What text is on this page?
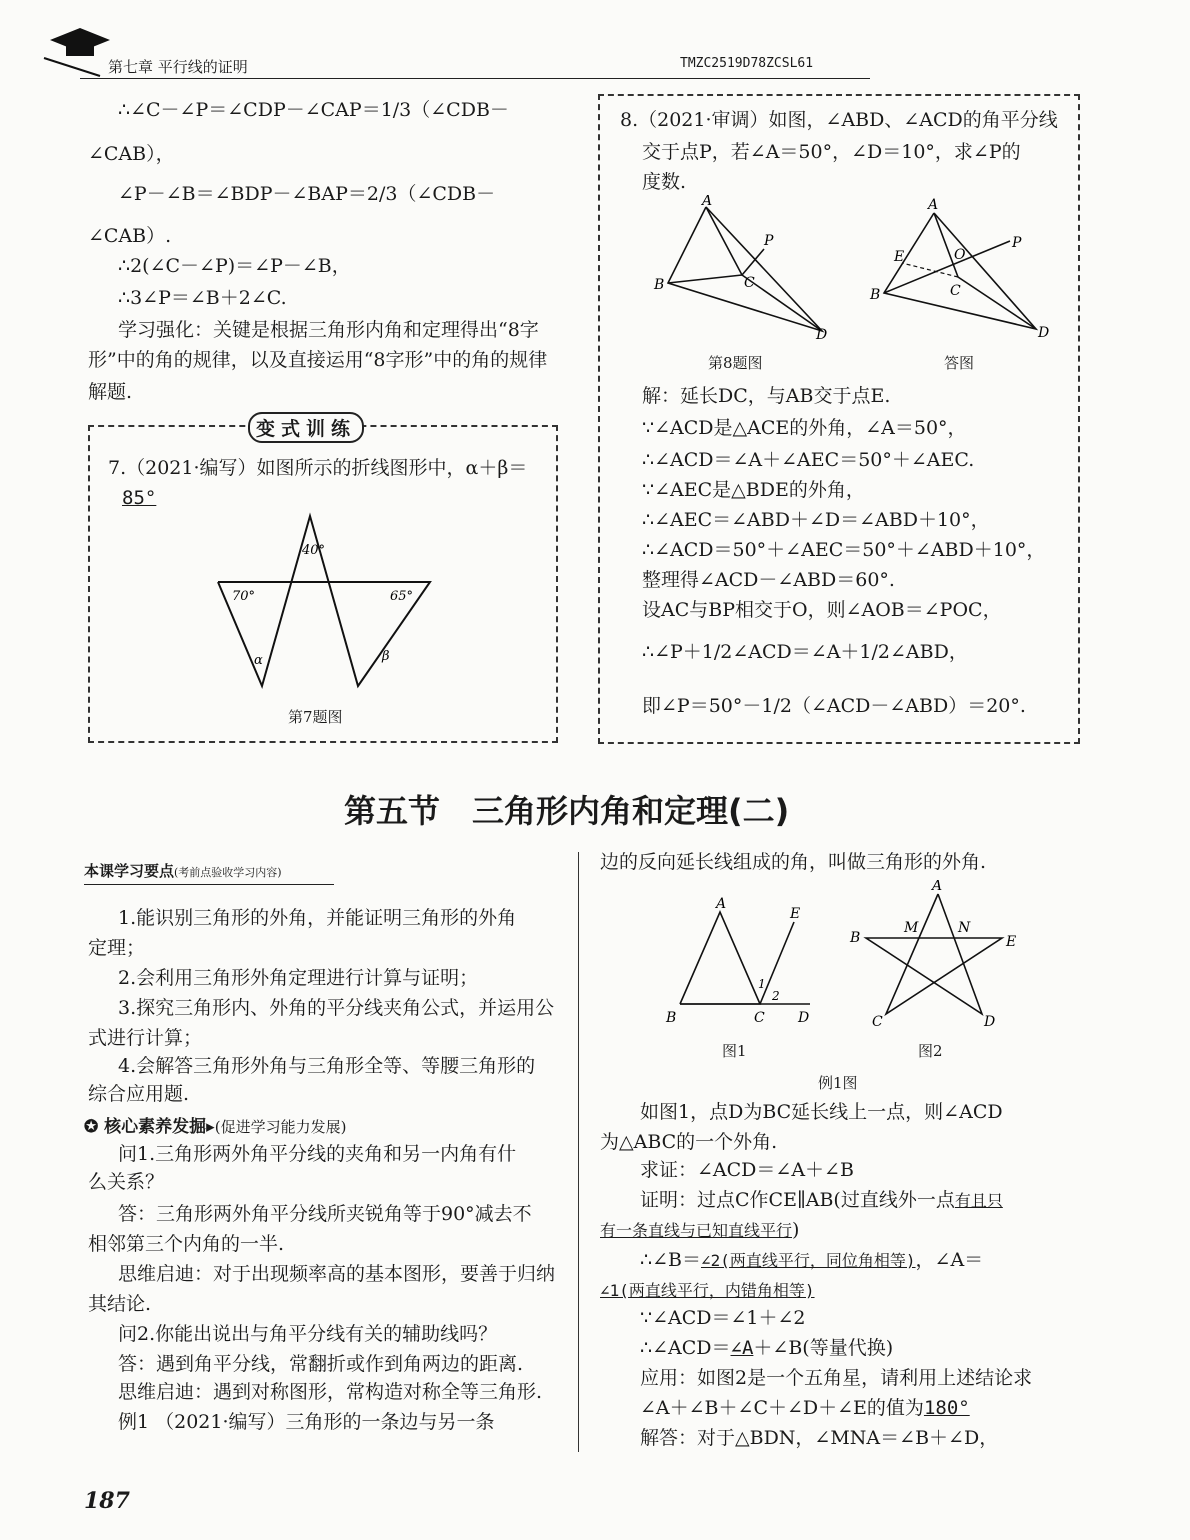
第七章 平行线的证明	TMZC2519D78ZCSL61
∴∠C－∠P＝∠CDP－∠CAP＝1/3（∠CDB－
∠CAB），
∠P－∠B＝∠BDP－∠BAP＝2/3（∠CDB－
∠CAB）.
∴2(∠C－∠P)＝∠P－∠B，
∴3∠P＝∠B＋2∠C.
学习强化：关键是根据三角形内角和定理得出“8字
形”中的角的规律，以及直接运用“8字形”中的角的规律
解题.
变式训练
7.（2021·编写）如图所示的折线图形中，α＋β＝
85°
40°
70°	65°
α	β
第7题图
8.（2021·审调）如图，∠ABD、∠ACD的角平分线
交于点P，若∠A＝50°，∠D＝10°，求∠P的
度数.
A
B	C
D
P
A
B	C
D
P
E	O
第8题图	答图
解：延长DC，与AB交于点E.
∵∠ACD是△ACE的外角，∠A＝50°，
∴∠ACD＝∠A＋∠AEC＝50°＋∠AEC.
∵∠AEC是△BDE的外角，
∴∠AEC＝∠ABD＋∠D＝∠ABD＋10°，
∴∠ACD＝50°＋∠AEC＝50°＋∠ABD＋10°，
整理得∠ACD－∠ABD＝60°.
设AC与BP相交于O，则∠AOB＝∠POC，
∴∠P＋1/2∠ACD＝∠A＋1/2∠ABD，
即∠P＝50°－1/2（∠ACD－∠ABD）＝20°.
第五节　三角形内角和定理(二)
本课学习要点(考前点验收学习内容)
1.能识别三角形的外角，并能证明三角形的外角
定理；
2.会利用三角形外角定理进行计算与证明；
3.探究三角形内、外角的平分线夹角公式，并运用公
式进行计算；
4.会解答三角形外角与三角形全等、等腰三角形的
综合应用题.
✪ 核心素养发掘▸(促进学习能力发展)
问1.三角形两外角平分线的夹角和另一内角有什
么关系？
答：三角形两外角平分线所夹锐角等于90°减去不
相邻第三个内角的一半.
思维启迪：对于出现频率高的基本图形，要善于归纳
其结论.
问2.你能出说出与角平分线有关的辅助线吗？
答：遇到角平分线，常翻折或作到角两边的距离.
思维启迪：遇到对称图形，常构造对称全等三角形.
例1 （2021·编写）三角形的一条边与另一条
边的反向延长线组成的角，叫做三角形的外角.
A
B	C D
E
1
2
A
B
C	D
E
M	N
图1	图2
例1图
如图1，点D为BC延长线上一点，则∠ACD
为△ABC的一个外角.
求证：∠ACD＝∠A＋∠B
证明：过点C作CE∥AB(过直线外一点有且只
有一条直线与已知直线平行)
∴∠B＝∠2(两直线平行，同位角相等)，∠A＝
∠1(两直线平行，内错角相等)
∵∠ACD＝∠1＋∠2
∴∠ACD＝∠A＋∠B(等量代换)
应用：如图2是一个五角星，请利用上述结论求
∠A＋∠B＋∠C＋∠D＋∠E的值为180°
解答：对于△BDN，∠MNA＝∠B＋∠D，
187
